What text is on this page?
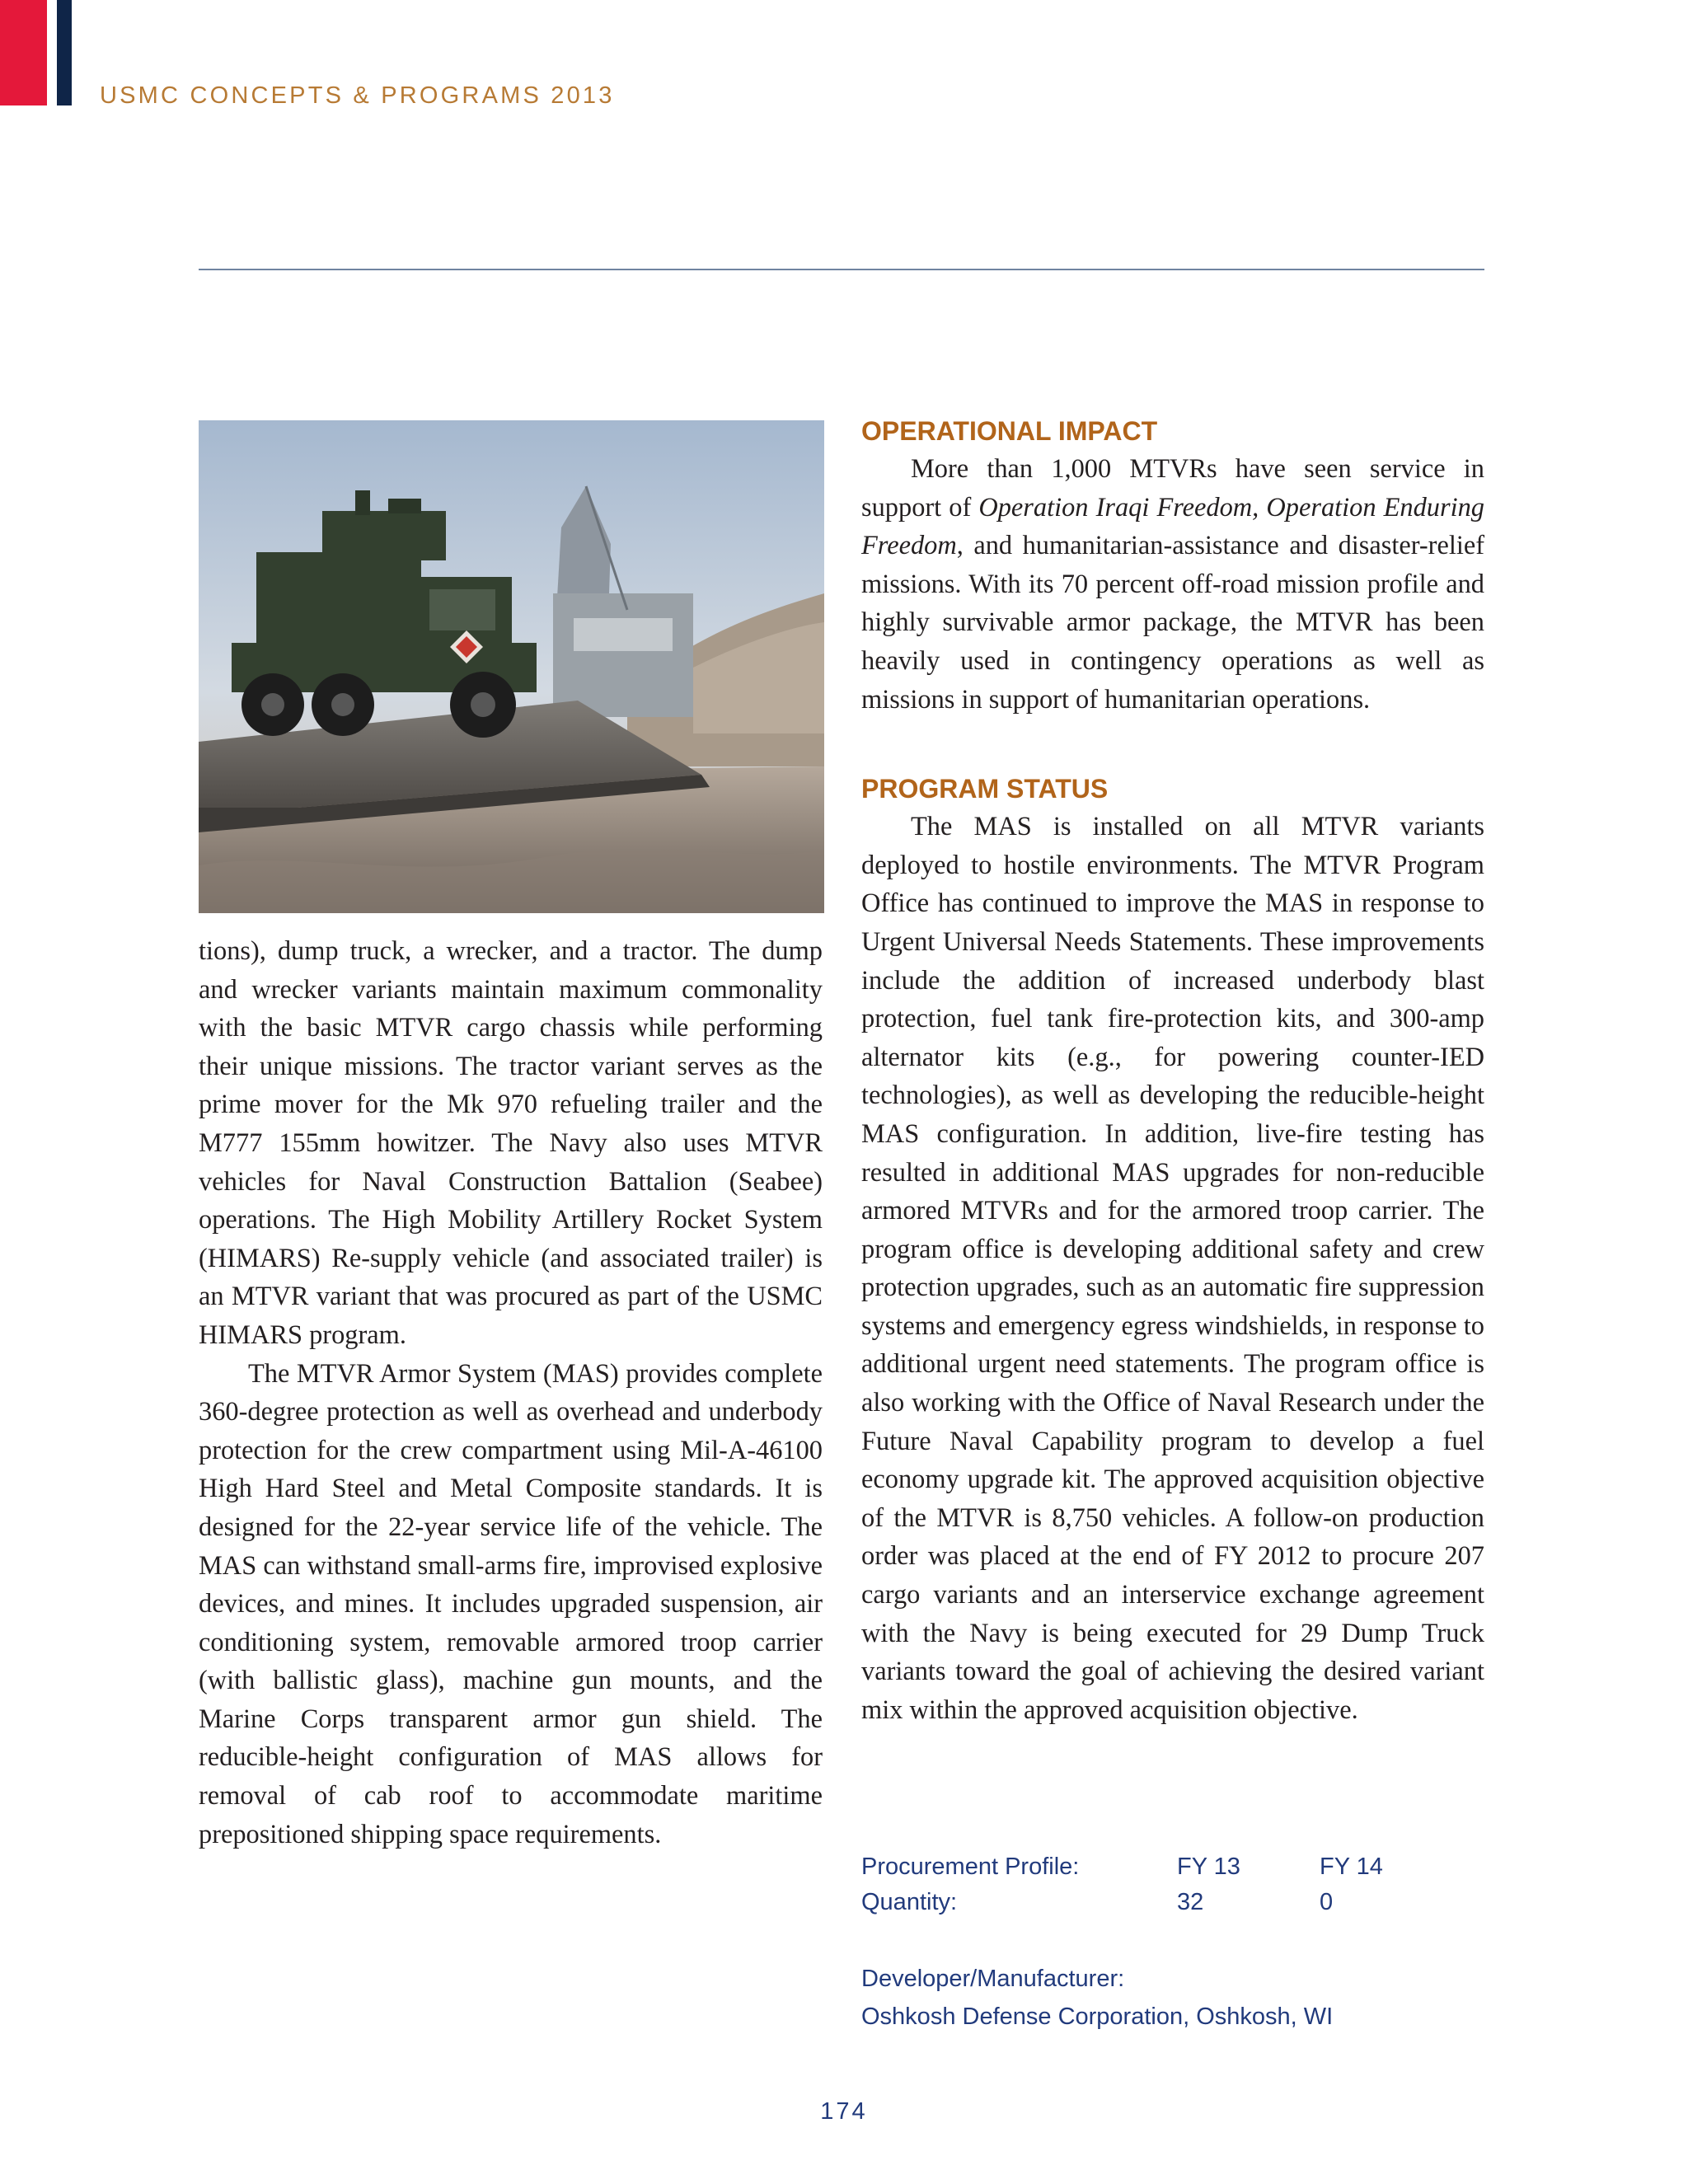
USMC CONCEPTS & PROGRAMS 2013

tions), dump truck, a wrecker, and a tractor. The dump and wrecker variants maintain maximum commonality with the basic MTVR cargo chassis while performing their unique missions. The tractor variant serves as the prime mover for the Mk 970 refueling trailer and the M777 155mm howitzer. The Navy also uses MTVR vehicles for Naval Construction Battalion (Seabee) operations. The High Mobility Artillery Rocket System (HIMARS) Re-supply vehicle (and associated trailer) is an MTVR variant that was procured as part of the USMC HIMARS program.

The MTVR Armor System (MAS) provides complete 360-degree protection as well as overhead and underbody protection for the crew compartment using Mil-A-46100 High Hard Steel and Metal Composite standards. It is designed for the 22-year service life of the vehicle. The MAS can withstand small-arms fire, improvised explosive devices, and mines. It includes upgraded suspension, air conditioning system, removable armored troop carrier (with ballistic glass), machine gun mounts, and the Marine Corps transparent armor gun shield. The reducible-height configuration of MAS allows for removal of cab roof to accommodate maritime prepositioned shipping space requirements.

OPERATIONAL IMPACT

More than 1,000 MTVRs have seen service in support of Operation Iraqi Freedom, Operation Enduring Freedom, and humanitarian-assistance and disaster-relief missions. With its 70 percent off-road mission profile and highly survivable armor package, the MTVR has been heavily used in contingency operations as well as missions in support of humanitarian operations.

PROGRAM STATUS

The MAS is installed on all MTVR variants deployed to hostile environments. The MTVR Program Office has continued to improve the MAS in response to Urgent Universal Needs Statements. These improvements include the addition of increased underbody blast protection, fuel tank fire-protection kits, and 300-amp alternator kits (e.g., for powering counter-IED technologies), as well as developing the reducible-height MAS configuration. In addition, live-fire testing has resulted in additional MAS upgrades for non-reducible armored MTVRs and for the armored troop carrier. The program office is developing additional safety and crew protection upgrades, such as an automatic fire suppression systems and emergency egress windshields, in response to additional urgent need statements. The program office is also working with the Office of Naval Research under the Future Naval Capability program to develop a fuel economy upgrade kit. The approved acquisition objective of the MTVR is 8,750 vehicles. A follow-on production order was placed at the end of FY 2012 to procure 207 cargo variants and an interservice exchange agreement with the Navy is being executed for 29 Dump Truck variants toward the goal of achieving the desired variant mix within the approved acquisition objective.

Procurement Profile:	FY 13	FY 14
Quantity:	32	0
Developer/Manufacturer:
Oshkosh Defense Corporation, Oshkosh, WI
174
